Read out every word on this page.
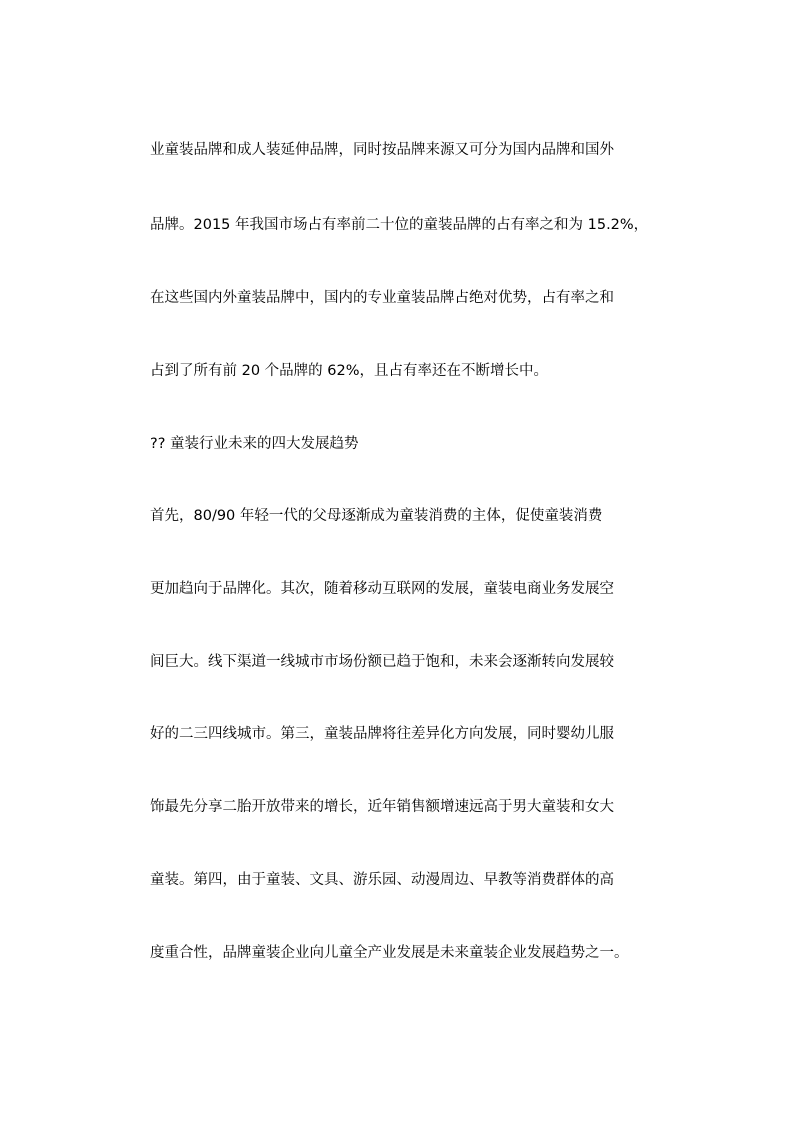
业童装品牌和成人装延伸品牌，同时按品牌来源又可分为国内品牌和国外
品牌。2015 年我国市场占有率前二十位的童装品牌的占有率之和为 15.2%，
在这些国内外童装品牌中，国内的专业童装品牌占绝对优势，占有率之和
占到了所有前 20 个品牌的 62%，且占有率还在不断增长中。
?? 童装行业未来的四大发展趋势
首先，80/90 年轻一代的父母逐渐成为童装消费的主体，促使童装消费
更加趋向于品牌化。其次，随着移动互联网的发展，童装电商业务发展空
间巨大。线下渠道一线城市市场份额已趋于饱和，未来会逐渐转向发展较
好的二三四线城市。第三，童装品牌将往差异化方向发展，同时婴幼儿服
饰最先分享二胎开放带来的增长，近年销售额增速远高于男大童装和女大
童装。第四，由于童装、文具、游乐园、动漫周边、早教等消费群体的高
度重合性，品牌童装企业向儿童全产业发展是未来童装企业发展趋势之一。
